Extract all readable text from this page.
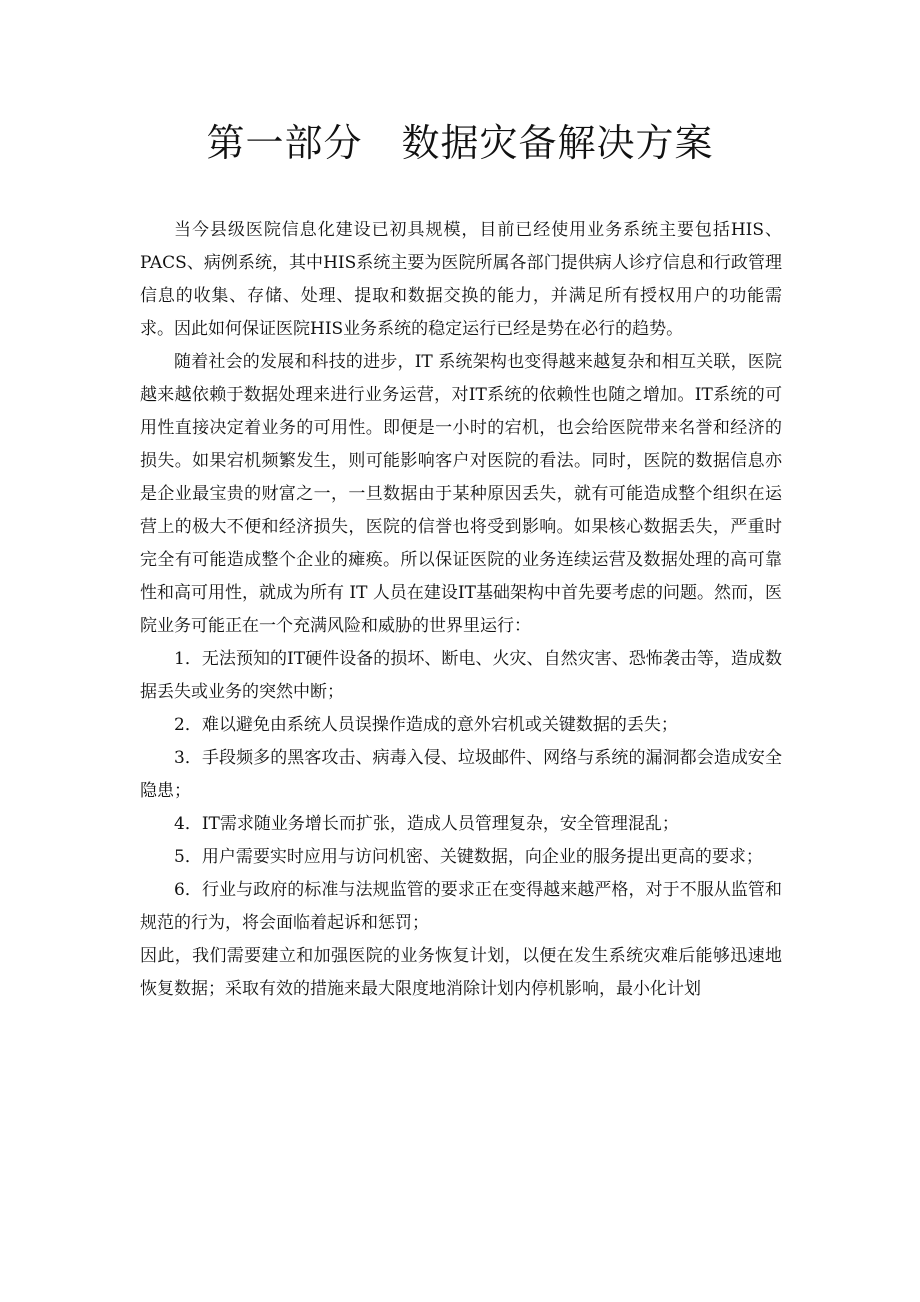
第一部分　数据灾备解决方案

当今县级医院信息化建设已初具规模，目前已经使用业务系统主要包括HIS、PACS、病例系统，其中HIS系统主要为医院所属各部门提供病人诊疗信息和行政管理信息的收集、存储、处理、提取和数据交换的能力，并满足所有授权用户的功能需求。因此如何保证医院HIS业务系统的稳定运行已经是势在必行的趋势。

随着社会的发展和科技的进步，IT 系统架构也变得越来越复杂和相互关联，医院越来越依赖于数据处理来进行业务运营，对IT系统的依赖性也随之增加。IT系统的可用性直接决定着业务的可用性。即便是一小时的宕机，也会给医院带来名誉和经济的损失。如果宕机频繁发生，则可能影响客户对医院的看法。同时，医院的数据信息亦是企业最宝贵的财富之一，一旦数据由于某种原因丢失，就有可能造成整个组织在运营上的极大不便和经济损失，医院的信誉也将受到影响。如果核心数据丢失，严重时完全有可能造成整个企业的瘫痪。所以保证医院的业务连续运营及数据处理的高可靠性和高可用性，就成为所有 IT 人员在建设IT基础架构中首先要考虑的问题。然而，医院业务可能正在一个充满风险和威胁的世界里运行：

1．无法预知的IT硬件设备的损坏、断电、火灾、自然灾害、恐怖袭击等，造成数据丢失或业务的突然中断；

2．难以避免由系统人员误操作造成的意外宕机或关键数据的丢失；

3．手段频多的黑客攻击、病毒入侵、垃圾邮件、网络与系统的漏洞都会造成安全隐患；

4．IT需求随业务增长而扩张，造成人员管理复杂，安全管理混乱；

5．用户需要实时应用与访问机密、关键数据，向企业的服务提出更高的要求；

6．行业与政府的标准与法规监管的要求正在变得越来越严格，对于不服从监管和规范的行为，将会面临着起诉和惩罚；

因此，我们需要建立和加强医院的业务恢复计划，以便在发生系统灾难后能够迅速地恢复数据；采取有效的措施来最大限度地消除计划内停机影响，最小化计划
